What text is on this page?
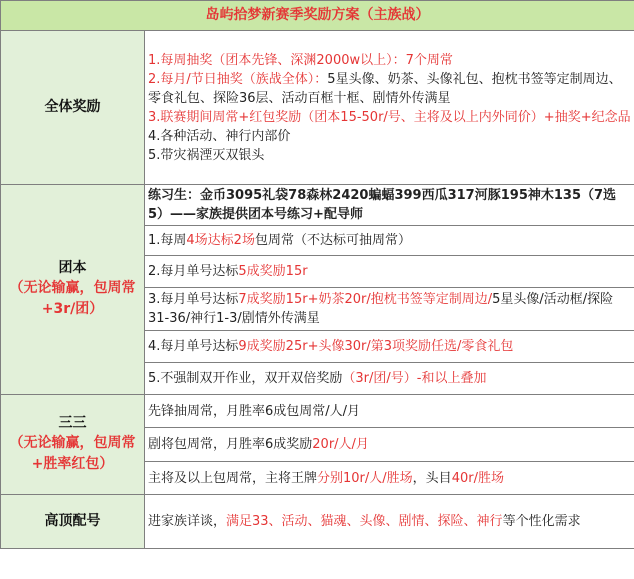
岛屿拾梦新赛季奖励方案（主族战）	
全体奖励	1.每周抽奖（团本先锋、深渊2000w以上）：7个周常
2.每月/节日抽奖（族战全体）：5星头像、奶茶、头像礼包、抱枕书签等定制周边、零食礼包、探险36层、活动百框十框、剧情外传满星
3.联赛期间周常+红包奖励（团本15-50r/号、主将及以上内外同价）+抽奖+纪念品
4.各种活动、神行内部价
5.带灾祸湮灭双银头

团本
（无论输赢，包周常+3r/团）	练习生：金币3095礼袋78森林2420蝙蝠399西瓜317河豚195神木135（7选5）——家族提供团本号练习+配导师
	1.每周4场达标2场包周常（不达标可抽周常）
	2.每月单号达标5成奖励15r
	3.每月单号达标7成奖励15r+奶茶20r/抱枕书签等定制周边/5星头像/活动框/探险31-36/神行1-3/剧情外传满星
	4.每月单号达标9成奖励25r+头像30r/第3项奖励任选/零食礼包
	5.不强制双开作业，双开双倍奖励（3r/团/号）-和以上叠加
三三
（无论输赢，包周常+胜率红包）	先锋抽周常，月胜率6成包周常/人/月
	剧将包周常，月胜率6成奖励20r/人/月
	主将及以上包周常，主将王牌分别10r/人/胜场，头目40r/胜场
高顶配号	进家族详谈，满足33、活动、猫魂、头像、剧情、探险、神行等个性化需求
